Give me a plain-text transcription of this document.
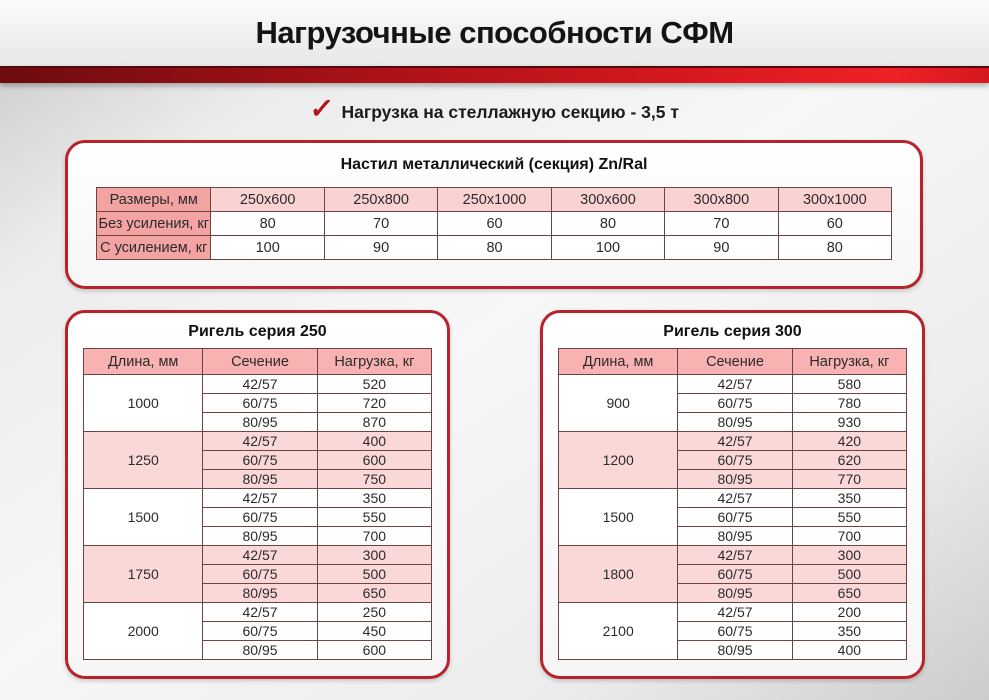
Нагрузочные способности СФМ
✓ Нагрузка на стеллажную секцию - 3,5 т
Настил металлический (секция) Zn/Ral
Размеры, мм	250x600	250x800	250x1000	300x600	300x800	300x1000
Без усиления, кг	80	70	60	80	70	60
С усилением, кг	100	90	80	100	90	80
Ригель серия 250
Длина, мм	Сечение	Нагрузка, кг
1000	42/57	520
	60/75	720
	80/95	870
1250	42/57	400
	60/75	600
	80/95	750
1500	42/57	350
	60/75	550
	80/95	700
1750	42/57	300
	60/75	500
	80/95	650
2000	42/57	250
	60/75	450
	80/95	600
Ригель серия 300
Длина, мм	Сечение	Нагрузка, кг
900	42/57	580
	60/75	780
	80/95	930
1200	42/57	420
	60/75	620
	80/95	770
1500	42/57	350
	60/75	550
	80/95	700
1800	42/57	300
	60/75	500
	80/95	650
2100	42/57	200
	60/75	350
	80/95	400
